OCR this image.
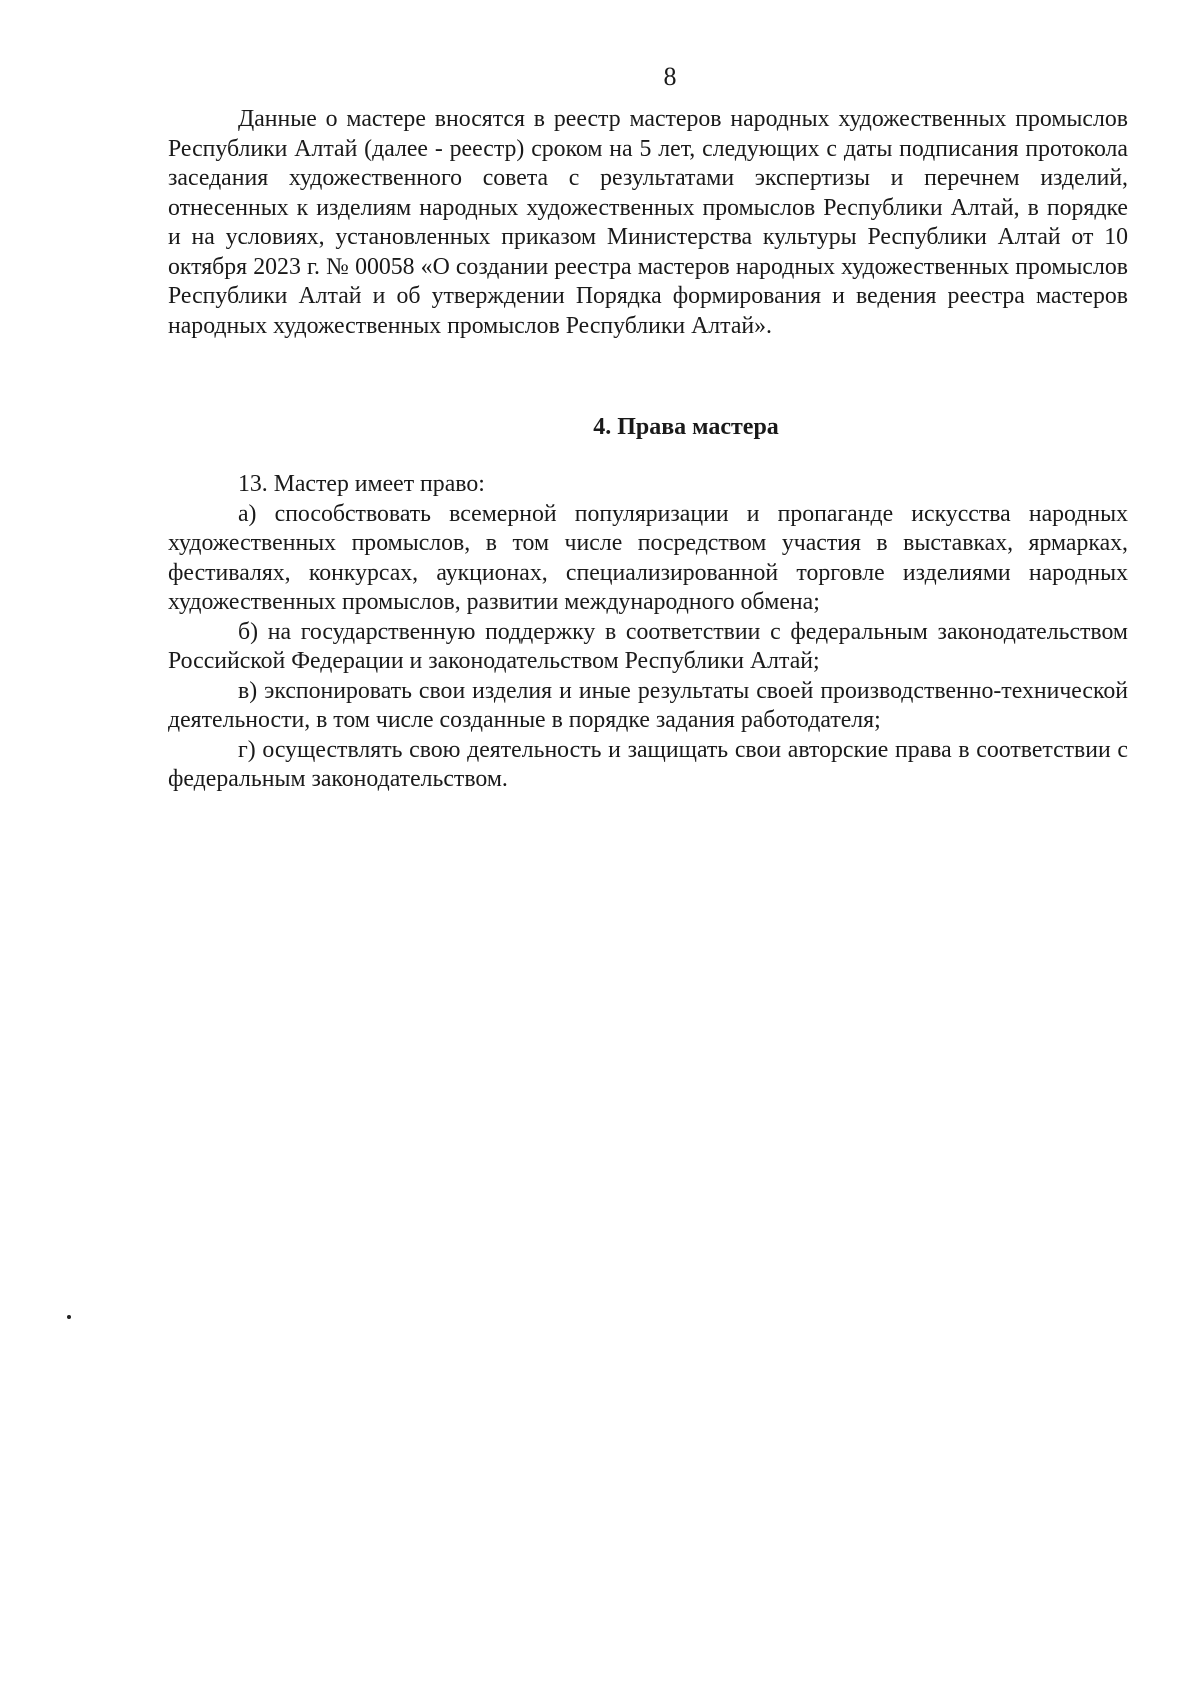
8

Данные о мастере вносятся в реестр мастеров народных художественных промыслов Республики Алтай (далее - реестр) сроком на 5 лет, следующих с даты подписания протокола заседания художественного совета с результатами экспертизы и перечнем изделий, отнесенных к изделиям народных художественных промыслов Республики Алтай, в порядке и на условиях, установленных приказом Министерства культуры Республики Алтай от 10 октября 2023 г. № 00058 «О создании реестра мастеров народных художественных промыслов Республики Алтай и об утверждении Порядка формирования и ведения реестра мастеров народных художественных промыслов Республики Алтай».

4. Права мастера

13. Мастер имеет право:

а) способствовать всемерной популяризации и пропаганде искусства народных художественных промыслов, в том числе посредством участия в выставках, ярмарках, фестивалях, конкурсах, аукционах, специализированной торговле изделиями народных художественных промыслов, развитии международного обмена;

б) на государственную поддержку в соответствии с федеральным законодательством Российской Федерации и законодательством Республики Алтай;

в) экспонировать свои изделия и иные результаты своей производственно-технической деятельности, в том числе созданные в порядке задания работодателя;

г) осуществлять свою деятельность и защищать свои авторские права в соответствии с федеральным законодательством.
